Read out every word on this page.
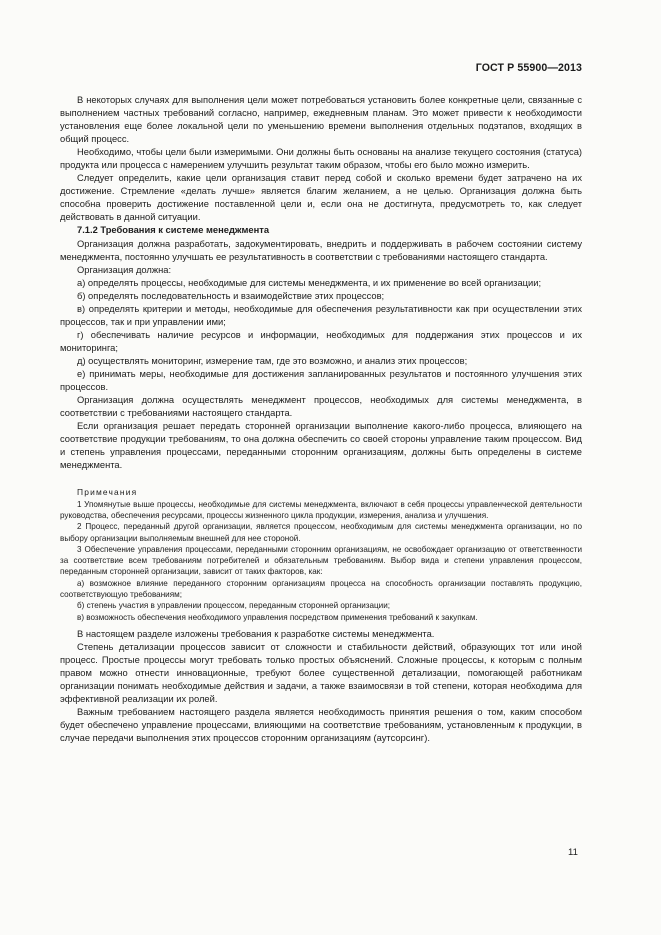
ГОСТ Р 55900—2013

В некоторых случаях для выполнения цели может потребоваться установить более конкретные цели, связанные с выполнением частных требований согласно, например, ежедневным планам. Это может привести к необходимости установления еще более локальной цели по уменьшению времени выполнения отдельных подэтапов, входящих в общий процесс.

Необходимо, чтобы цели были измеримыми. Они должны быть основаны на анализе текущего состояния (статуса) продукта или процесса с намерением улучшить результат таким образом, чтобы его было можно измерить.

Следует определить, какие цели организация ставит перед собой и сколько времени будет затрачено на их достижение. Стремление «делать лучше» является благим желанием, а не целью. Организация должна быть способна проверить достижение поставленной цели и, если она не достигнута, предусмотреть то, как следует действовать в данной ситуации.

7.1.2 Требования к системе менеджмента

Организация должна разработать, задокументировать, внедрить и поддерживать в рабочем состоянии систему менеджмента, постоянно улучшать ее результативность в соответствии с требованиями настоящего стандарта.

Организация должна:

а) определять процессы, необходимые для системы менеджмента, и их применение во всей организации;

б) определять последовательность и взаимодействие этих процессов;

в) определять критерии и методы, необходимые для обеспечения результативности как при осуществлении этих процессов, так и при управлении ими;

г) обеспечивать наличие ресурсов и информации, необходимых для поддержания этих процессов и их мониторинга;

д) осуществлять мониторинг, измерение там, где это возможно, и анализ этих процессов;

е) принимать меры, необходимые для достижения запланированных результатов и постоянного улучшения этих процессов.

Организация должна осуществлять менеджмент процессов, необходимых для системы менеджмента, в соответствии с требованиями настоящего стандарта.

Если организация решает передать сторонней организации выполнение какого-либо процесса, влияющего на соответствие продукции требованиям, то она должна обеспечить со своей стороны управление таким процессом. Вид и степень управления процессами, переданными сторонним организациям, должны быть определены в системе менеджмента.

Примечания

1 Упомянутые выше процессы, необходимые для системы менеджмента, включают в себя процессы управленческой деятельности руководства, обеспечения ресурсами, процессы жизненного цикла продукции, измерения, анализа и улучшения.

2 Процесс, переданный другой организации, является процессом, необходимым для системы менеджмента организации, но по выбору организации выполняемым внешней для нее стороной.

3 Обеспечение управления процессами, переданными сторонним организациям, не освобождает организацию от ответственности за соответствие всем требованиям потребителей и обязательным требованиям. Выбор вида и степени управления процессом, переданным сторонней организации, зависит от таких факторов, как:

а) возможное влияние переданного сторонним организациям процесса на способность организации поставлять продукцию, соответствующую требованиям;

б) степень участия в управлении процессом, переданным сторонней организации;

в) возможность обеспечения необходимого управления посредством применения требований к закупкам.

В настоящем разделе изложены требования к разработке системы менеджмента.

Степень детализации процессов зависит от сложности и стабильности действий, образующих тот или иной процесс. Простые процессы могут требовать только простых объяснений. Сложные процессы, к которым с полным правом можно отнести инновационные, требуют более существенной детализации, помогающей работникам организации понимать необходимые действия и задачи, а также взаимосвязи в той степени, которая необходима для эффективной реализации их ролей.

Важным требованием настоящего раздела является необходимость принятия решения о том, каким способом будет обеспечено управление процессами, влияющими на соответствие требованиям, установленным к продукции, в случае передачи выполнения этих процессов сторонним организациям (аутсорсинг).

11
